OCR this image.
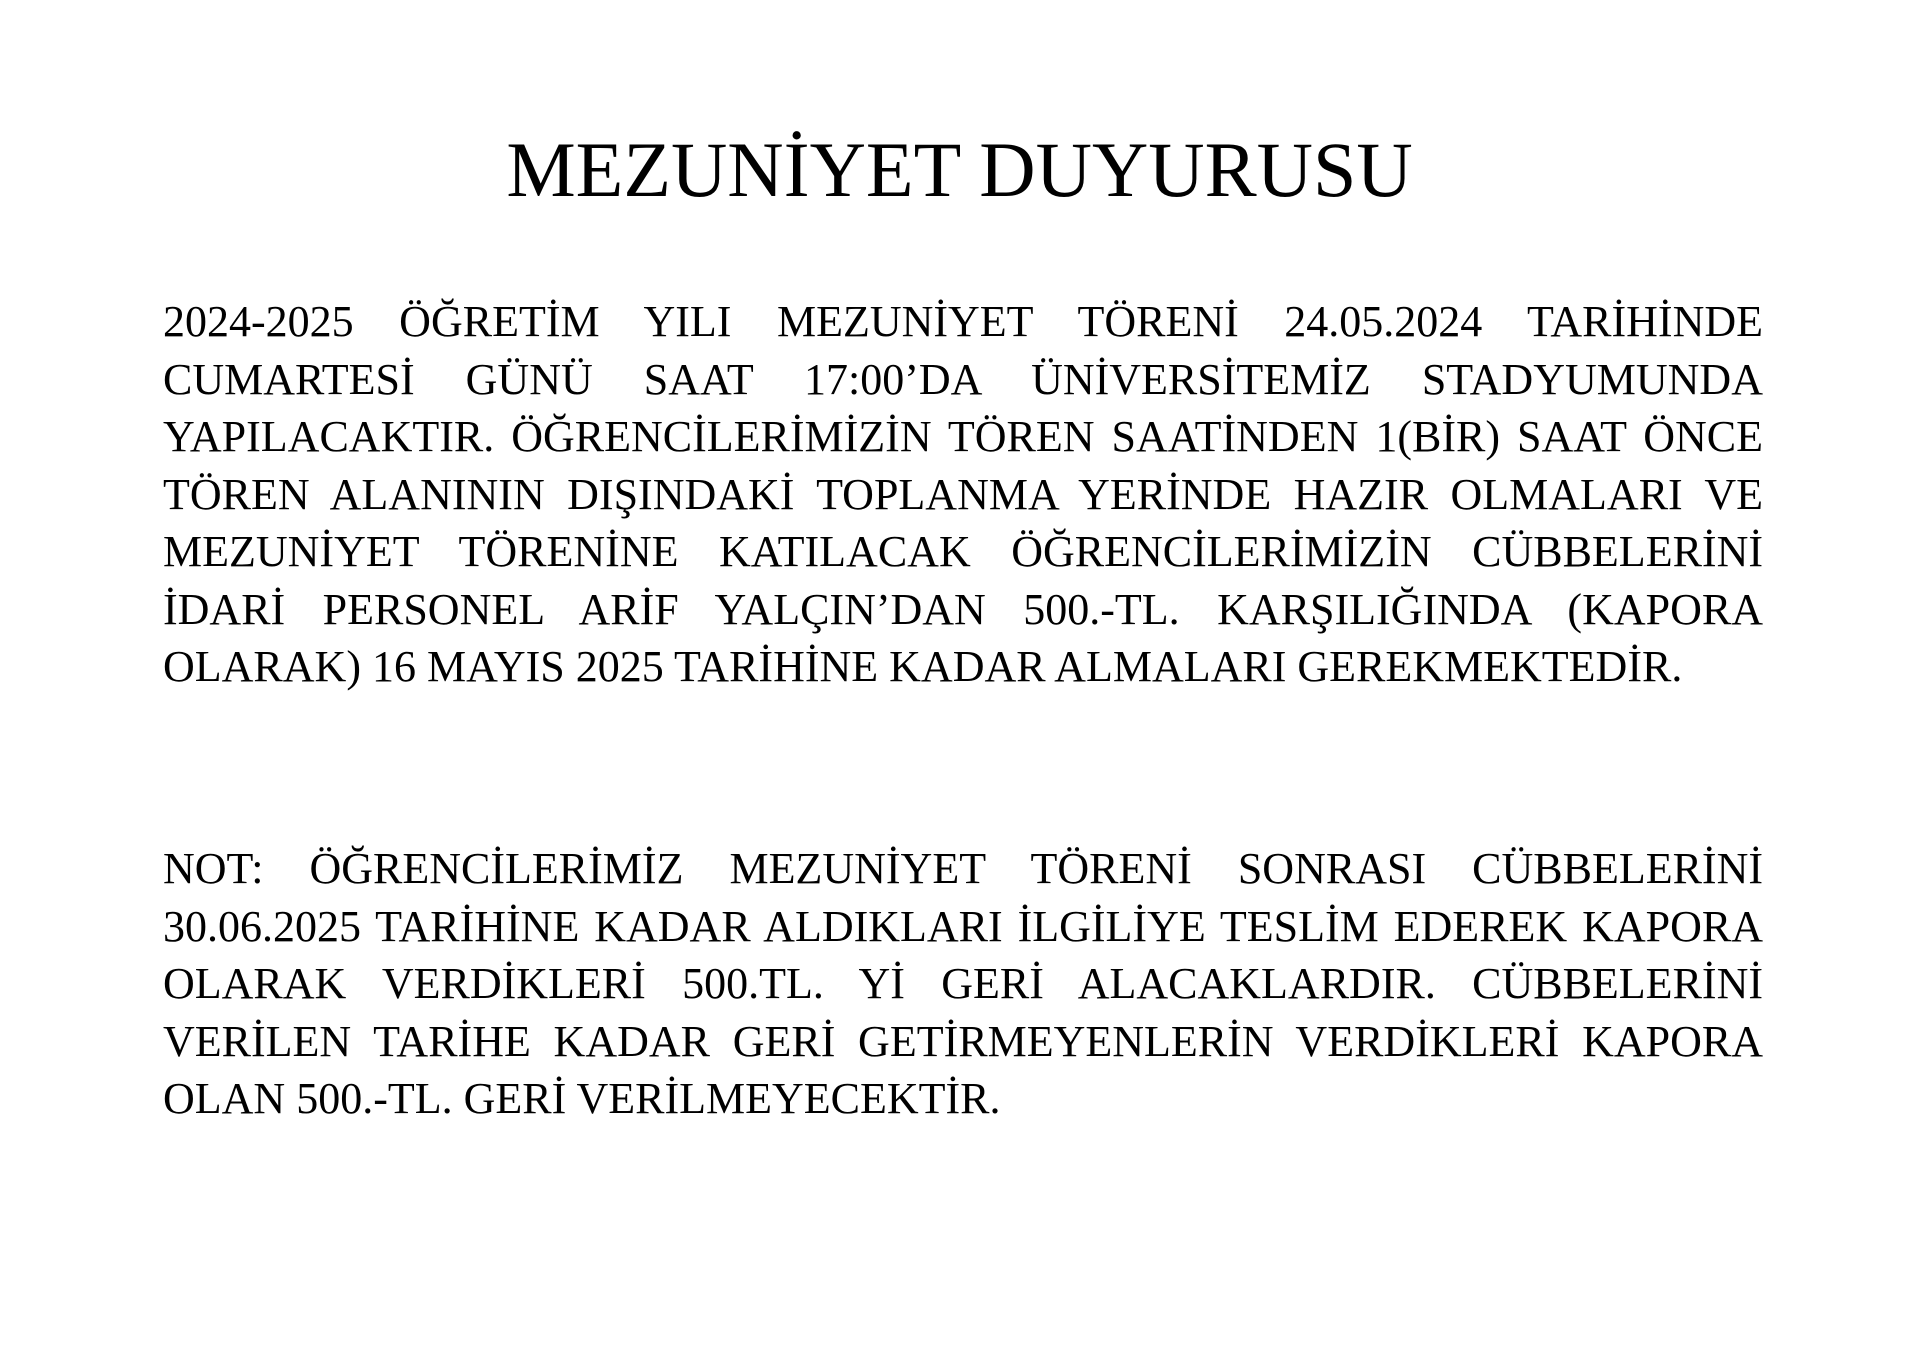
MEZUNİYET DUYURUSU

2024-2025 ÖĞRETİM YILI MEZUNİYET TÖRENİ 24.05.2024 TARİHİNDE CUMARTESİ GÜNÜ SAAT 17:00’DA ÜNİVERSİTEMİZ STADYUMUNDA YAPILACAKTIR. ÖĞRENCİLERİMİZİN TÖREN SAATİNDEN 1(BİR) SAAT ÖNCE TÖREN ALANININ DIŞINDAKİ TOPLANMA YERİNDE HAZIR OLMALARI VE MEZUNİYET TÖRENİNE KATILACAK ÖĞRENCİLERİMİZİN CÜBBELERİNİ İDARİ PERSONEL ARİF YALÇIN’DAN 500.-TL. KARŞILIĞINDA (KAPORA OLARAK) 16 MAYIS 2025 TARİHİNE KADAR ALMALARI GEREKMEKTEDİR.

NOT: ÖĞRENCİLERİMİZ MEZUNİYET TÖRENİ SONRASI CÜBBELERİNİ 30.06.2025 TARİHİNE KADAR ALDIKLARI İLGİLİYE TESLİM EDEREK KAPORA OLARAK VERDİKLERİ 500.TL. Yİ GERİ ALACAKLARDIR. CÜBBELERİNİ VERİLEN TARİHE KADAR GERİ GETİRMEYENLERİN VERDİKLERİ KAPORA OLAN 500.-TL. GERİ VERİLMEYECEKTİR.
